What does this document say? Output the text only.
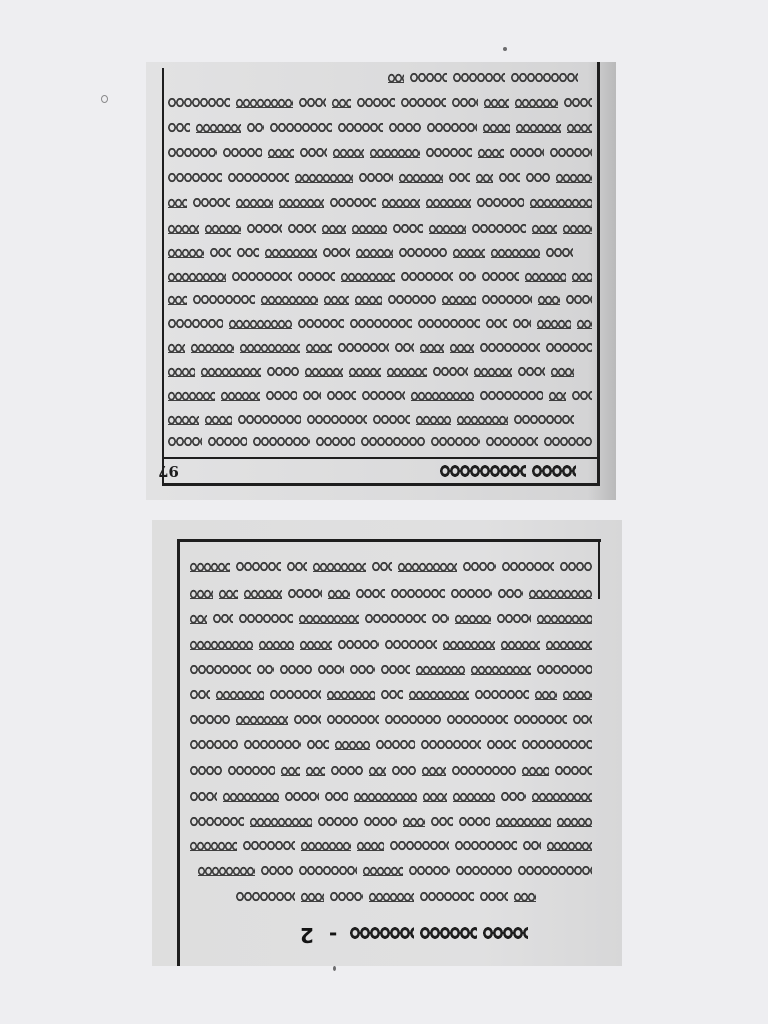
97
- 2
